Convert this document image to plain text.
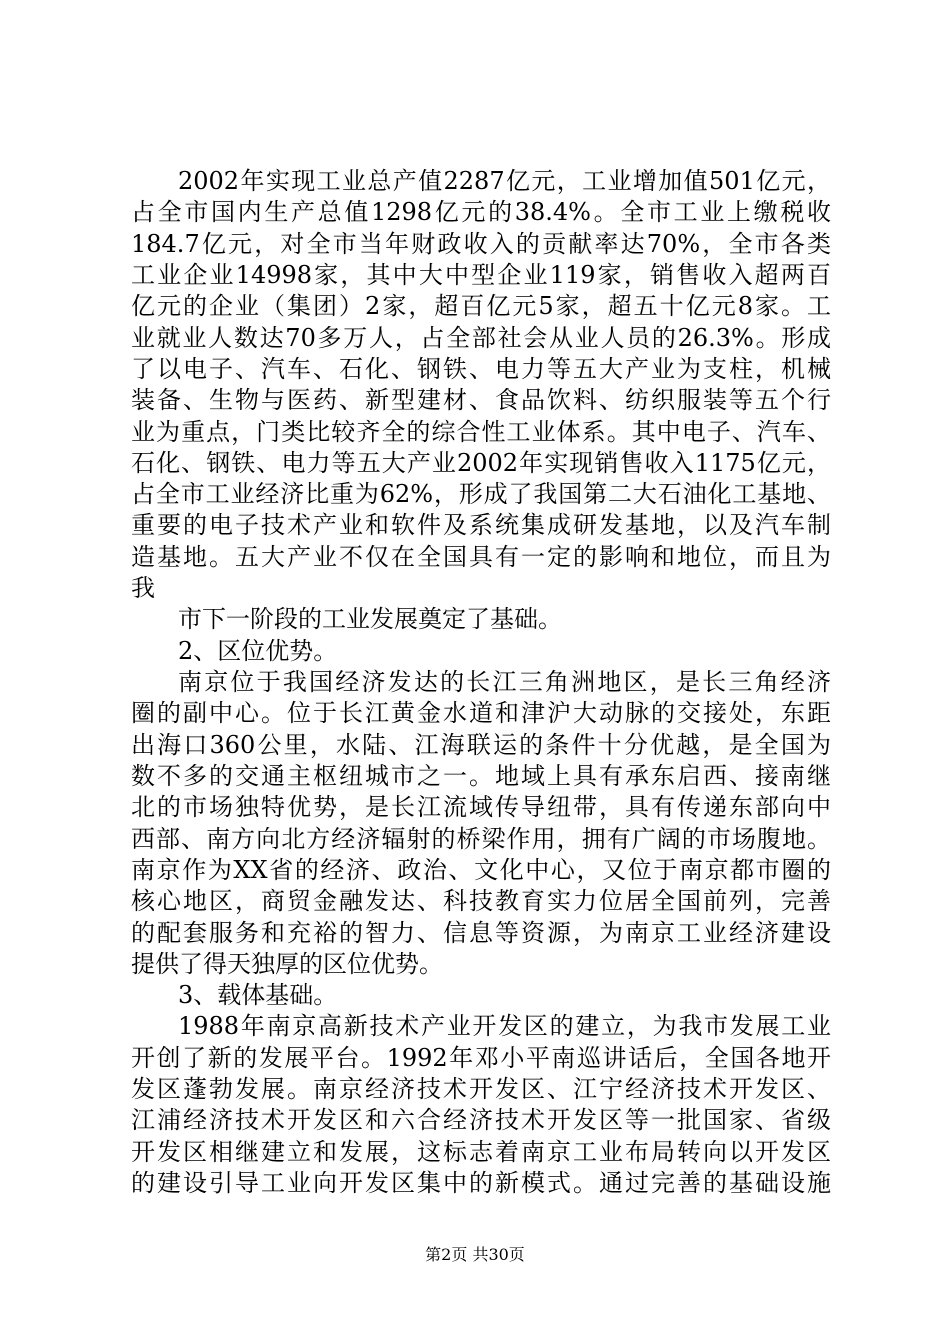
2002年实现工业总产值2287亿元，工业增加值501亿元，
占全市国内生产总值1298亿元的38.4%。全市工业上缴税收
184.7亿元，对全市当年财政收入的贡献率达70%，全市各类
工业企业14998家，其中大中型企业119家，销售收入超两百
亿元的企业（集团）2家，超百亿元5家，超五十亿元8家。工
业就业人数达70多万人，占全部社会从业人员的26.3%。形成
了以电子、汽车、石化、钢铁、电力等五大产业为支柱，机械
装备、生物与医药、新型建材、食品饮料、纺织服装等五个行
业为重点，门类比较齐全的综合性工业体系。其中电子、汽车、
石化、钢铁、电力等五大产业2002年实现销售收入1175亿元，
占全市工业经济比重为62%，形成了我国第二大石油化工基地、
重要的电子技术产业和软件及系统集成研发基地，以及汽车制
造基地。五大产业不仅在全国具有一定的影响和地位，而且为
我
市下一阶段的工业发展奠定了基础。
2、区位优势。
南京位于我国经济发达的长江三角洲地区，是长三角经济
圈的副中心。位于长江黄金水道和津沪大动脉的交接处，东距
出海口360公里，水陆、江海联运的条件十分优越，是全国为
数不多的交通主枢纽城市之一。地域上具有承东启西、接南继
北的市场独特优势，是长江流域传导纽带，具有传递东部向中
西部、南方向北方经济辐射的桥梁作用，拥有广阔的市场腹地。
南京作为XX省的经济、政治、文化中心，又位于南京都市圈的
核心地区，商贸金融发达、科技教育实力位居全国前列，完善
的配套服务和充裕的智力、信息等资源，为南京工业经济建设
提供了得天独厚的区位优势。
3、载体基础。
1988年南京高新技术产业开发区的建立，为我市发展工业
开创了新的发展平台。1992年邓小平南巡讲话后，全国各地开
发区蓬勃发展。南京经济技术开发区、江宁经济技术开发区、
江浦经济技术开发区和六合经济技术开发区等一批国家、省级
开发区相继建立和发展，这标志着南京工业布局转向以开发区
的建设引导工业向开发区集中的新模式。通过完善的基础设施
第2页 共30页
